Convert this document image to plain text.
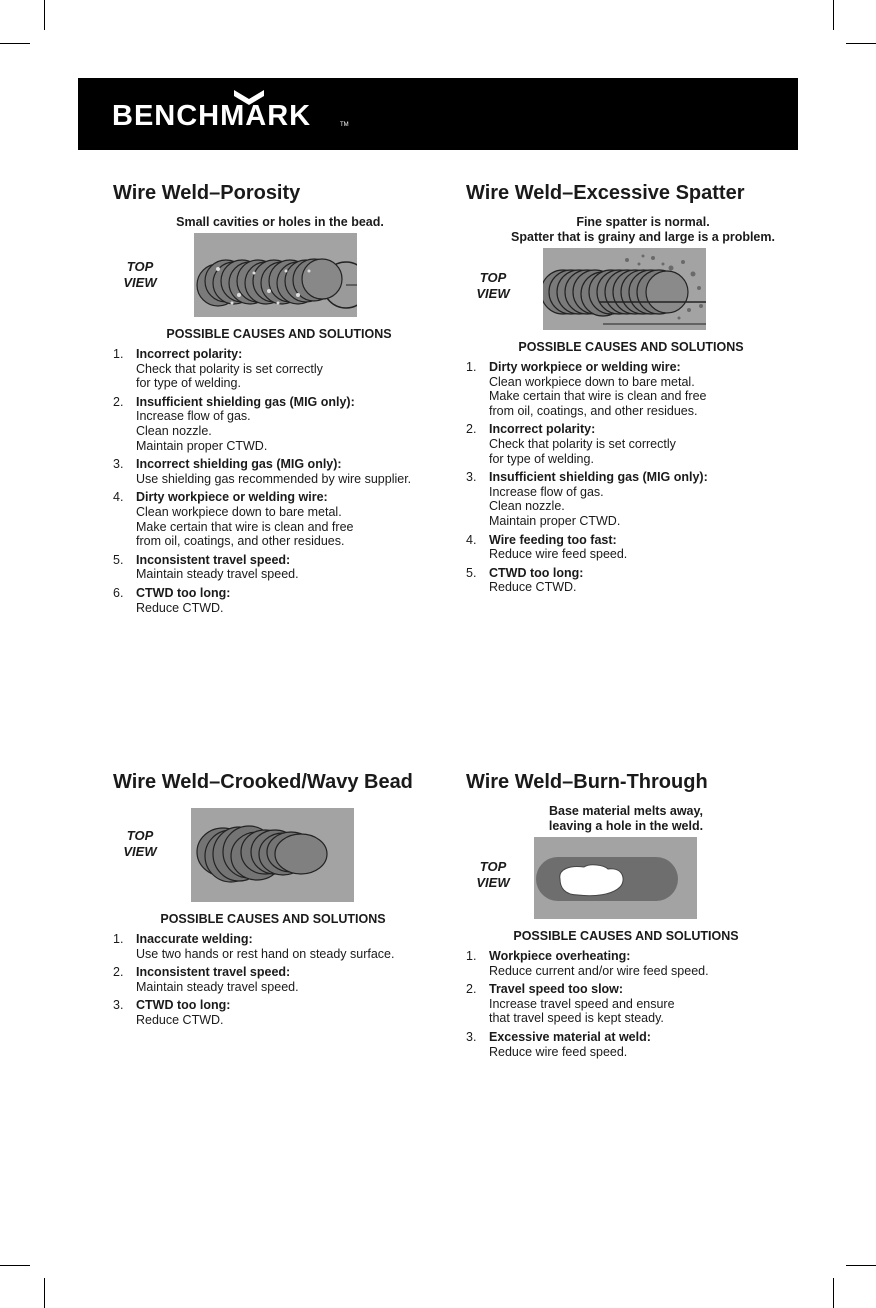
BENCHMARK	TM
Wire Weld–Porosity
Small cavities or holes in the bead.
TOP
VIEW
POSSIBLE CAUSES AND SOLUTIONS
1. Incorrect polarity:
Check that polarity is set correctly
for type of welding.
2. Insufficient shielding gas (MIG only):
Increase flow of gas.
Clean nozzle.
Maintain proper CTWD.
3. Incorrect shielding gas (MIG only):
Use shielding gas recommended by wire supplier.
4. Dirty workpiece or welding wire:
Clean workpiece down to bare metal.
Make certain that wire is clean and free
from oil, coatings, and other residues.
5. Inconsistent travel speed:
Maintain steady travel speed.
6. CTWD too long:
Reduce CTWD.
Wire Weld–Excessive Spatter
Fine spatter is normal.
Spatter that is grainy and large is a problem.
TOP
VIEW
POSSIBLE CAUSES AND SOLUTIONS
1. Dirty workpiece or welding wire:
Clean workpiece down to bare metal.
Make certain that wire is clean and free
from oil, coatings, and other residues.
2. Incorrect polarity:
Check that polarity is set correctly
for type of welding.
3. Insufficient shielding gas (MIG only):
Increase flow of gas.
Clean nozzle.
Maintain proper CTWD.
4. Wire feeding too fast:
Reduce wire feed speed.
5. CTWD too long:
Reduce CTWD.
Wire Weld–Crooked/Wavy Bead
TOP
VIEW
POSSIBLE CAUSES AND SOLUTIONS
1. Inaccurate welding:
Use two hands or rest hand on steady surface.
2. Inconsistent travel speed:
Maintain steady travel speed.
3. CTWD too long:
Reduce CTWD.
Wire Weld–Burn-Through
Base material melts away,
leaving a hole in the weld.
TOP
VIEW
POSSIBLE CAUSES AND SOLUTIONS
1. Workpiece overheating:
Reduce current and/or wire feed speed.
2. Travel speed too slow:
Increase travel speed and ensure
that travel speed is kept steady.
3. Excessive material at weld:
Reduce wire feed speed.
